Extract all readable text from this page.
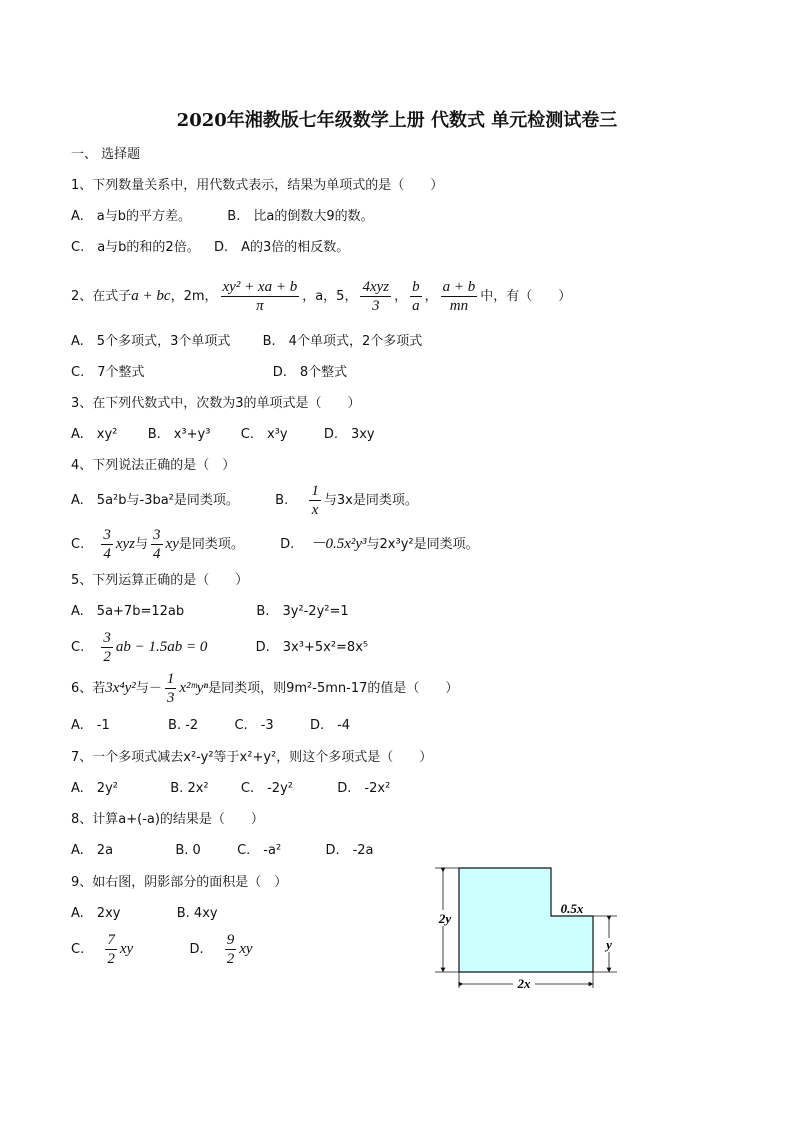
2020年湘教版七年级数学上册 代数式 单元检测试卷三
一、 选择题
1、下列数量关系中，用代数式表示，结果为单项式的是（　　）
A.　a与b的平方差。	B.　比a的倒数大9的数。
C.　a与b的和的2倍。 D.　A的3倍的相反数。
2、在式子a + bc，2m， $\frac{\text{xy² + xa + b}}{\pi}$ ，a，5， $\frac{\text{4xyz}}{3}$ ， $\frac{b}{a}$ ， $\frac{a + b}{mn}$ 中，有（　　）
A.　5个多项式，3个单项式 B.　4个单项式，2个多项式
C.　7个整式	D.　8个整式
3、在下列代数式中，次数为3的单项式是（　　）
A.　xy² B.　x³+y³ C.　x³y	D.　3xy
4、下列说法正确的是（　）
A.　5a²b与-3ba²是同类项。	B. $\frac{1}{x}$ 与3x是同类项。
C. $\frac{3}{4}$ xyz与 $\frac{3}{4}$ xy是同类项。	D. －0.5x²y³与2x³y²是同类项。
5、下列运算正确的是（　　）
A.　5a+7b=12ab	B.　3y²-2y²=1
C. $\frac{3}{2}$ ab − 1.5ab = 0	D.　3x³+5x²=8x⁵
6、若3x⁴y²与－ $\frac{1}{3}$ x²ᵐyⁿ是同类项，则9m²-5mn-17的值是（　　）
A.　-1	B. -2	C.　-3	D.　-4
7、一个多项式减去x²-y²等于x²+y²，则这个多项式是（　　）
A.　2y²	B. 2x² C.　-2y²	D.　-2x²
8、计算a+(-a)的结果是（　　）
A.　2a	B. 0	C.　-a²	D.　-2a
9、如右图，阴影部分的面积是（　）
A.　2xy	B. 4xy
C. $\frac{7}{2}$ xy	D. $\frac{9}{2}$ xy
2y
0.5x
y
2x
